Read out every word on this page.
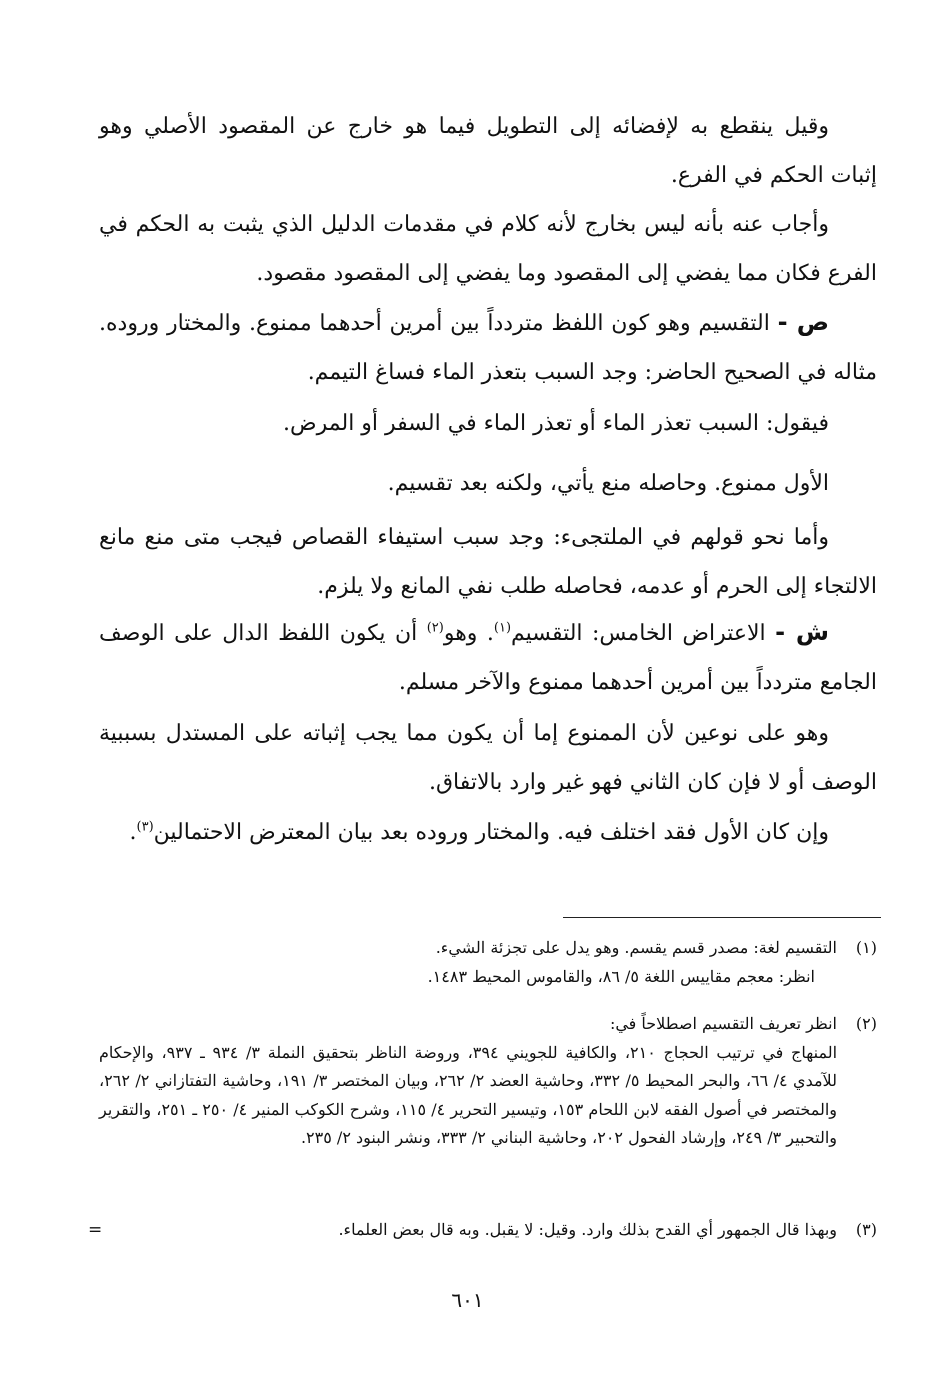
وقيل ينقطع به لإفضائه إلى التطويل فيما هو خارج عن المقصود الأصلي وهو إثبات الحكم في الفرع.

وأجاب عنه بأنه ليس بخارج لأنه كلام في مقدمات الدليل الذي يثبت به الحكم في الفرع فكان مما يفضي إلى المقصود وما يفضي إلى المقصود مقصود.

ص - التقسيم وهو كون اللفظ متردداً بين أمرين أحدهما ممنوع. والمختار وروده. مثاله في الصحيح الحاضر: وجد السبب بتعذر الماء فساغ التيمم.

فيقول: السبب تعذر الماء أو تعذر الماء في السفر أو المرض.

الأول ممنوع. وحاصله منع يأتي، ولكنه بعد تقسيم.

وأما نحو قولهم في الملتجىء: وجد سبب استيفاء القصاص فيجب متى منع مانع الالتجاء إلى الحرم أو عدمه، فحاصله طلب نفي المانع ولا يلزم.

ش - الاعتراض الخامس: التقسيم$^{(١)}$. وهو$^{(٢)}$ أن يكون اللفظ الدال على الوصف الجامع متردداً بين أمرين أحدهما ممنوع والآخر مسلم.

وهو على نوعين لأن الممنوع إما أن يكون مما يجب إثباته على المستدل بسببية الوصف أو لا فإن كان الثاني فهو غير وارد بالاتفاق.

وإن كان الأول فقد اختلف فيه. والمختار وروده بعد بيان المعترض الاحتمالين$^{(٣)}$.

(١)التقسيم لغة: مصدر قسم يقسم. وهو يدل على تجزئة الشيء.
انظر: معجم مقاييس اللغة ٥/ ٨٦، والقاموس المحيط ١٤٨٣.
(٢)انظر تعريف التقسيم اصطلاحاً في:
المنهاج في ترتيب الحجاج ٢١٠، والكافية للجويني ٣٩٤، وروضة الناظر بتحقيق النملة ٣/ ٩٣٤ ـ ٩٣٧، والإحكام للآمدي ٤/ ٦٦، والبحر المحيط ٥/ ٣٣٢، وحاشية العضد ٢/ ٢٦٢، وبيان المختصر ٣/ ١٩١، وحاشية التفتازاني ٢/ ٢٦٢، والمختصر في أصول الفقه لابن اللحام ١٥٣، وتيسير التحرير ٤/ ١١٥، وشرح الكوكب المنير ٤/ ٢٥٠ ـ ٢٥١، والتقرير والتحبير ٣/ ٢٤٩، وإرشاد الفحول ٢٠٢، وحاشية البناني ٢/ ٣٣٣، ونشر البنود ٢/ ٢٣٥.
(٣)وبهذا قال الجمهور أي القدح بذلك وارد. وقيل: لا يقبل. وبه قال بعض العلماء.
=
٦٠١
